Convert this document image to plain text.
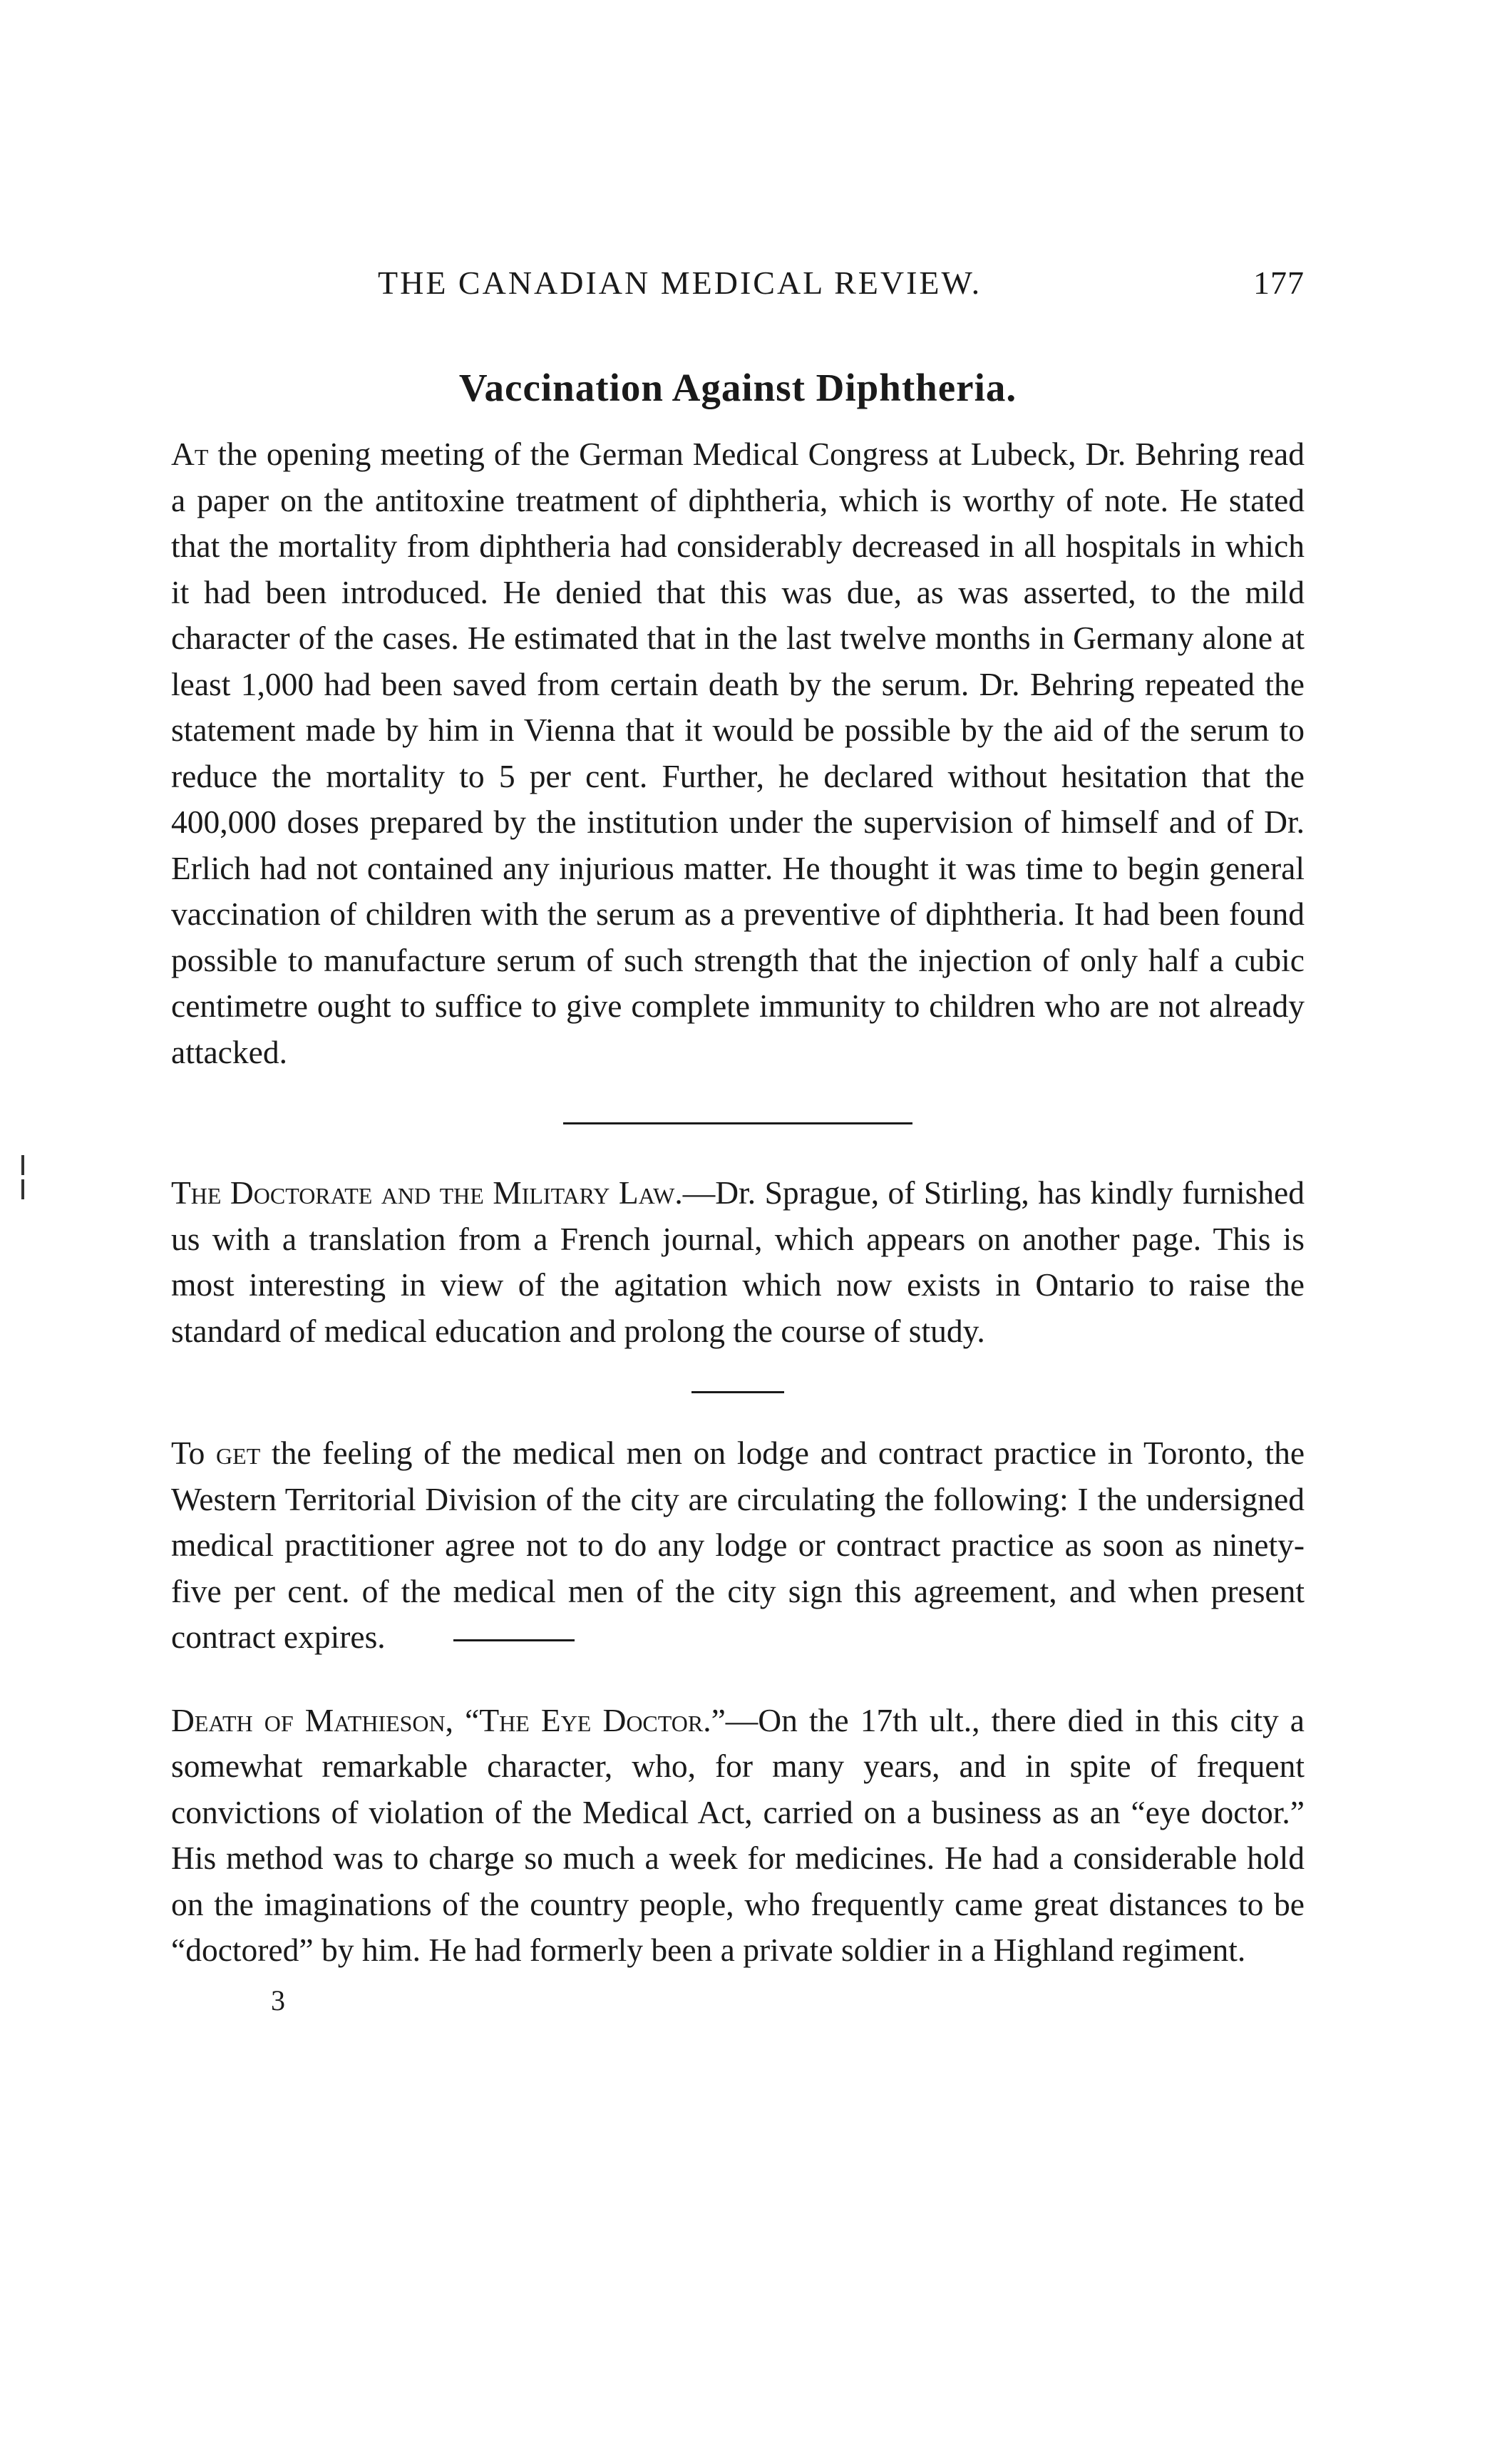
THE CANADIAN MEDICAL REVIEW.	177
Vaccination Against Diphtheria.

At the opening meeting of the German Medical Congress at Lubeck, Dr. Behring read a paper on the antitoxine treatment of diphtheria, which is worthy of note. He stated that the mortality from diphtheria had considerably decreased in all hospitals in which it had been introduced. He denied that this was due, as was asserted, to the mild character of the cases. He estimated that in the last twelve months in Germany alone at least 1,000 had been saved from certain death by the serum. Dr. Behring repeated the statement made by him in Vienna that it would be possible by the aid of the serum to reduce the mortality to 5 per cent. Further, he declared without hesitation that the 400,000 doses prepared by the institution under the supervision of himself and of Dr. Erlich had not contained any injurious matter. He thought it was time to begin general vaccination of children with the serum as a preventive of diphtheria. It had been found possible to manufacture serum of such strength that the injection of only half a cubic centimetre ought to suffice to give complete immunity to children who are not already attacked.

The Doctorate and the Military Law.—Dr. Sprague, of Stirling, has kindly furnished us with a translation from a French journal, which appears on another page. This is most interesting in view of the agitation which now exists in Ontario to raise the standard of medical education and prolong the course of study.

To get the feeling of the medical men on lodge and contract practice in Toronto, the Western Territorial Division of the city are circulating the following: I the undersigned medical practitioner agree not to do any lodge or contract practice as soon as ninety-five per cent. of the medical men of the city sign this agreement, and when present contract expires.

Death of Mathieson, “The Eye Doctor.”—On the 17th ult., there died in this city a somewhat remarkable character, who, for many years, and in spite of frequent convictions of violation of the Medical Act, carried on a business as an “eye doctor.” His method was to charge so much a week for medicines. He had a considerable hold on the imaginations of the country people, who frequently came great distances to be “doctored” by him. He had formerly been a private soldier in a Highland regiment.

3
